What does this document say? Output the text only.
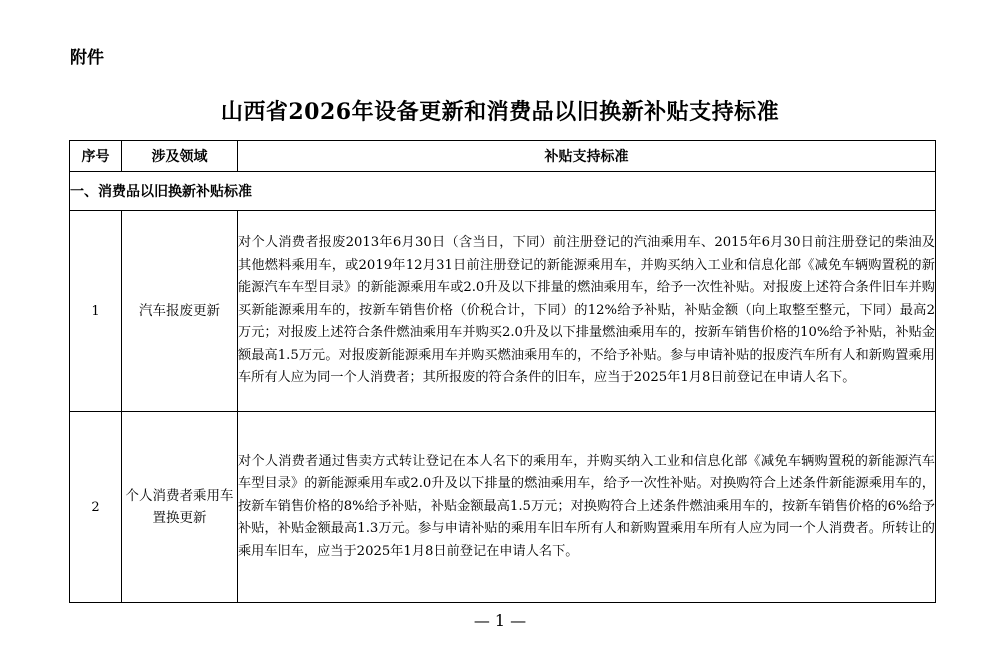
附件
山西省2026年设备更新和消费品以旧换新补贴支持标准
序号	涉及领域	补贴支持标准
一、消费品以旧换新补贴标准		
1	汽车报废更新	对个人消费者报废2013年6月30日（含当日，下同）前注册登记的汽油乘用车、2015年6月30日前注册登记的柴油及其他燃料乘用车，或2019年12月31日前注册登记的新能源乘用车，并购买纳入工业和信息化部《减免车辆购置税的新能源汽车车型目录》的新能源乘用车或2.0升及以下排量的燃油乘用车，给予一次性补贴。对报废上述符合条件旧车并购买新能源乘用车的，按新车销售价格（价税合计，下同）的12%给予补贴，补贴金额（向上取整至整元，下同）最高2万元；对报废上述符合条件燃油乘用车并购买2.0升及以下排量燃油乘用车的，按新车销售价格的10%给予补贴，补贴金额最高1.5万元。对报废新能源乘用车并购买燃油乘用车的，不给予补贴。参与申请补贴的报废汽车所有人和新购置乘用车所有人应为同一个人消费者；其所报废的符合条件的旧车，应当于2025年1月8日前登记在申请人名下。
2	个人消费者乘用车置换更新	对个人消费者通过售卖方式转让登记在本人名下的乘用车，并购买纳入工业和信息化部《减免车辆购置税的新能源汽车车型目录》的新能源乘用车或2.0升及以下排量的燃油乘用车，给予一次性补贴。对换购符合上述条件新能源乘用车的，按新车销售价格的8%给予补贴，补贴金额最高1.5万元；对换购符合上述条件燃油乘用车的，按新车销售价格的6%给予补贴，补贴金额最高1.3万元。参与申请补贴的乘用车旧车所有人和新购置乘用车所有人应为同一个人消费者。所转让的乘用车旧车，应当于2025年1月8日前登记在申请人名下。
— 1 —
